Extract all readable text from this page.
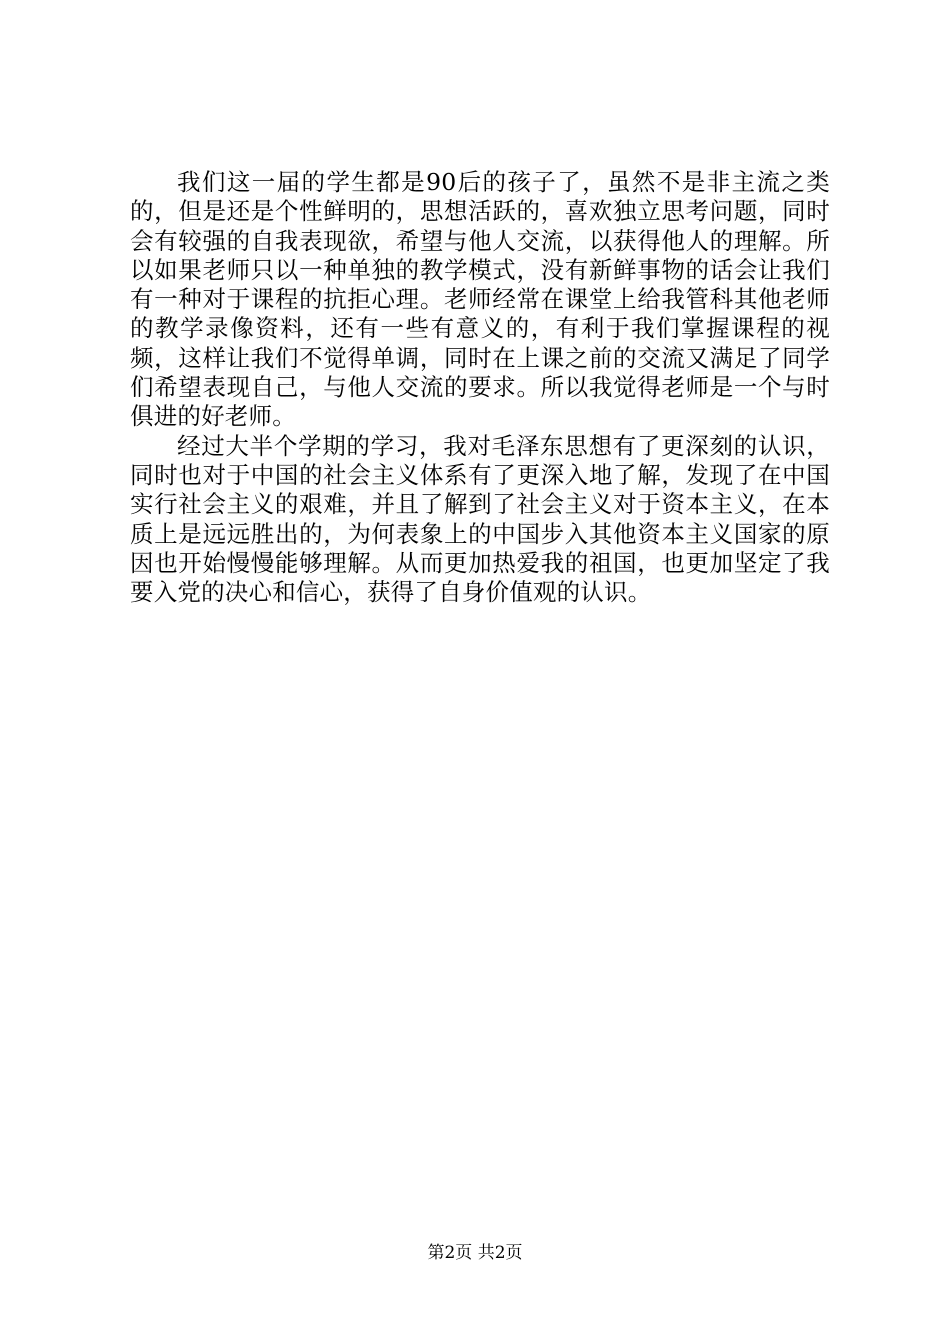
我们这一届的学生都是90后的孩子了，虽然不是非主流之类的，但是还是个性鲜明的，思想活跃的，喜欢独立思考问题，同时会有较强的自我表现欲，希望与他人交流，以获得他人的理解。所以如果老师只以一种单独的教学模式，没有新鲜事物的话会让我们有一种对于课程的抗拒心理。老师经常在课堂上给我管科其他老师的教学录像资料，还有一些有意义的，有利于我们掌握课程的视频，这样让我们不觉得单调，同时在上课之前的交流又满足了同学们希望表现自己，与他人交流的要求。所以我觉得老师是一个与时俱进的好老师。

经过大半个学期的学习，我对毛泽东思想有了更深刻的认识，同时也对于中国的社会主义体系有了更深入地了解，发现了在中国实行社会主义的艰难，并且了解到了社会主义对于资本主义，在本质上是远远胜出的，为何表象上的中国步入其他资本主义国家的原因也开始慢慢能够理解。从而更加热爱我的祖国，也更加坚定了我要入党的决心和信心，获得了自身价值观的认识。

第2页 共2页
